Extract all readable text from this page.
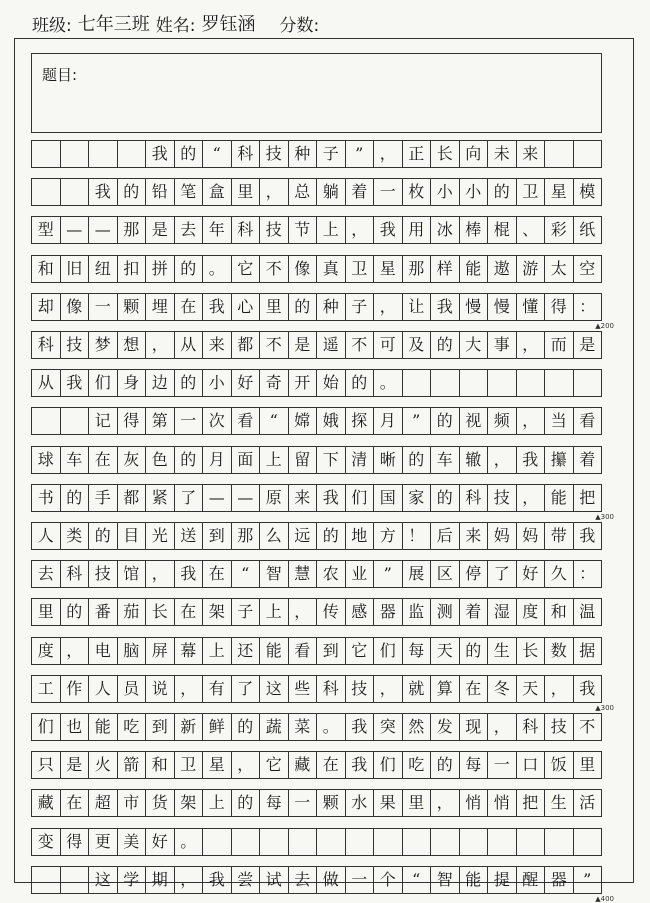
班级: 七年三班 姓名: 罗钰涵 分数:
题目:
我 的	“	科 技 种 子	”	， 正 长 向 未 来
我 的 铅 笔 盒 里 ， 总 躺 着 一 枚 小 小 的 卫 星 模
型 — — 那 是 去 年 科 技 节 上 ， 我 用 冰 棒 棍 、 彩 纸
和 旧 纽 扣 拼 的 。 它 不 像 真 卫 星 那 样 能 遨 游 太 空
却 像 一 颗 埋 在 我 心 里 的 种 子 ， 让 我 慢 慢 懂 得 ：
科 技 梦 想 ， 从 来 都 不 是 遥 不 可 及 的 大 事 ， 而 是
从 我 们 身 边 的 小 好 奇 开 始 的 。
记 得 第 一 次 看	“	嫦 娥 探 月	”	的 视 频 ， 当 看
球 车 在 灰 色 的 月 面 上 留 下 清 晰 的 车 辙 ， 我 攥 着
书 的 手 都 紧 了 — — 原 来 我 们 国 家 的 科 技 ， 能 把
人 类 的 目 光 送 到 那 么 远 的 地 方 ！ 后 来 妈 妈 带 我
去 科 技 馆 ， 我 在	“	智 慧 农 业	”	展 区 停 了 好 久 ：
里 的 番 茄 长 在 架 子 上 ， 传 感 器 监 测 着 湿 度 和 温
度 ， 电 脑 屏 幕 上 还 能 看 到 它 们 每 天 的 生 长 数 据
工 作 人 员 说 ， 有 了 这 些 科 技 ， 就 算 在 冬 天 ， 我
们 也 能 吃 到 新 鲜 的 蔬 菜 。 我 突 然 发 现 ， 科 技 不
只 是 火 箭 和 卫 星 ， 它 藏 在 我 们 吃 的 每 一 口 饭 里
藏 在 超 市 货 架 上 的 每 一 颗 水 果 里 ， 悄 悄 把 生 活
变 得 更 美 好 。
这 学 期 ， 我 尝 试 去 做 一 个	“	智 能 提 醒 器	”
▲200
▲300
▲300
▲400
